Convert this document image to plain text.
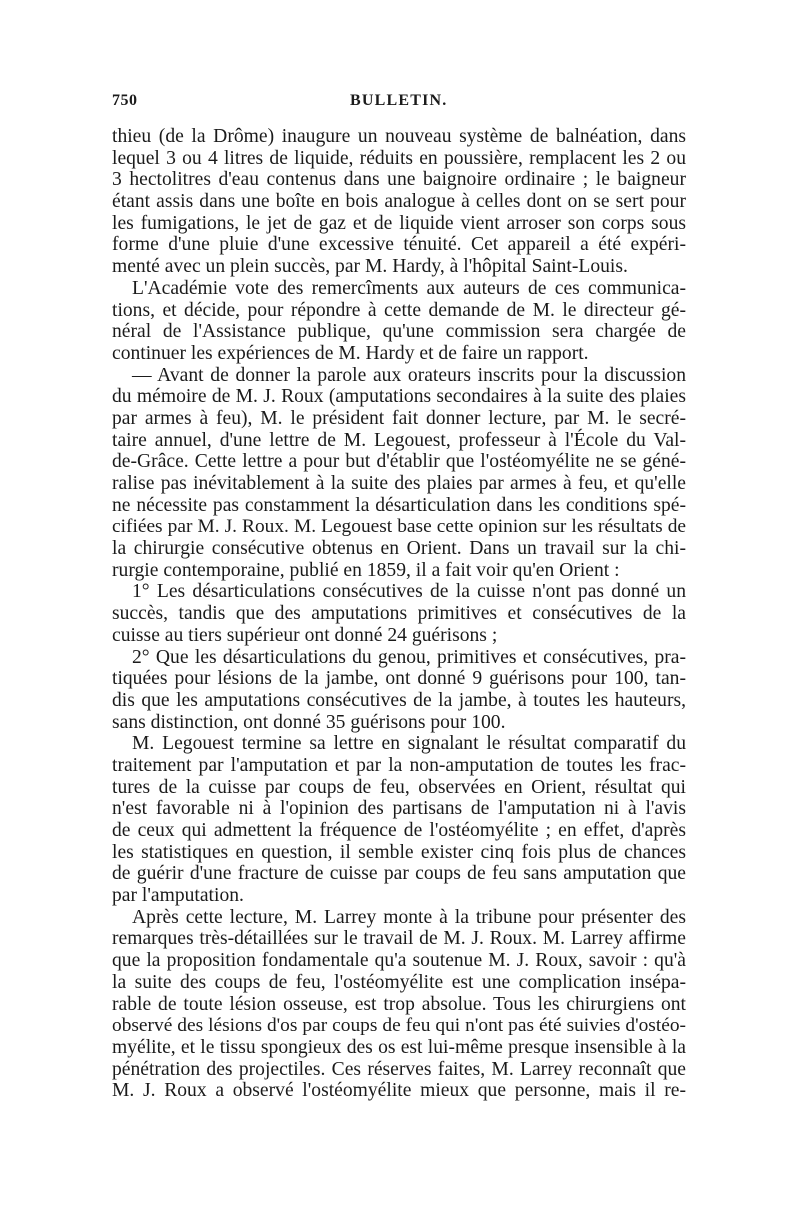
750	BULLETIN.
thieu (de la Drôme) inaugure un nouveau système de balnéation, dans
lequel 3 ou 4 litres de liquide, réduits en poussière, remplacent les 2 ou
3 hectolitres d'eau contenus dans une baignoire ordinaire ; le baigneur
étant assis dans une boîte en bois analogue à celles dont on se sert pour
les fumigations, le jet de gaz et de liquide vient arroser son corps sous
forme d'une pluie d'une excessive ténuité. Cet appareil a été expéri-
menté avec un plein succès, par M. Hardy, à l'hôpital Saint-Louis.
L'Académie vote des remercîments aux auteurs de ces communica-
tions, et décide, pour répondre à cette demande de M. le directeur gé-
néral de l'Assistance publique, qu'une commission sera chargée de
continuer les expériences de M. Hardy et de faire un rapport.
— Avant de donner la parole aux orateurs inscrits pour la discussion
du mémoire de M. J. Roux (amputations secondaires à la suite des plaies
par armes à feu), M. le président fait donner lecture, par M. le secré-
taire annuel, d'une lettre de M. Legouest, professeur à l'École du Val-
de-Grâce. Cette lettre a pour but d'établir que l'ostéomyélite ne se géné-
ralise pas inévitablement à la suite des plaies par armes à feu, et qu'elle
ne nécessite pas constamment la désarticulation dans les conditions spé-
cifiées par M. J. Roux. M. Legouest base cette opinion sur les résultats de
la chirurgie consécutive obtenus en Orient. Dans un travail sur la chi-
rurgie contemporaine, publié en 1859, il a fait voir qu'en Orient :
1° Les désarticulations consécutives de la cuisse n'ont pas donné un
succès, tandis que des amputations primitives et consécutives de la
cuisse au tiers supérieur ont donné 24 guérisons ;
2° Que les désarticulations du genou, primitives et consécutives, pra-
tiquées pour lésions de la jambe, ont donné 9 guérisons pour 100, tan-
dis que les amputations consécutives de la jambe, à toutes les hauteurs,
sans distinction, ont donné 35 guérisons pour 100.
M. Legouest termine sa lettre en signalant le résultat comparatif du
traitement par l'amputation et par la non-amputation de toutes les frac-
tures de la cuisse par coups de feu, observées en Orient, résultat qui
n'est favorable ni à l'opinion des partisans de l'amputation ni à l'avis
de ceux qui admettent la fréquence de l'ostéomyélite ; en effet, d'après
les statistiques en question, il semble exister cinq fois plus de chances
de guérir d'une fracture de cuisse par coups de feu sans amputation que
par l'amputation.
Après cette lecture, M. Larrey monte à la tribune pour présenter des
remarques très-détaillées sur le travail de M. J. Roux. M. Larrey affirme
que la proposition fondamentale qu'a soutenue M. J. Roux, savoir : qu'à
la suite des coups de feu, l'ostéomyélite est une complication insépa-
rable de toute lésion osseuse, est trop absolue. Tous les chirurgiens ont
observé des lésions d'os par coups de feu qui n'ont pas été suivies d'ostéo-
myélite, et le tissu spongieux des os est lui-même presque insensible à la
pénétration des projectiles. Ces réserves faites, M. Larrey reconnaît que
M. J. Roux a observé l'ostéomyélite mieux que personne, mais il re-
